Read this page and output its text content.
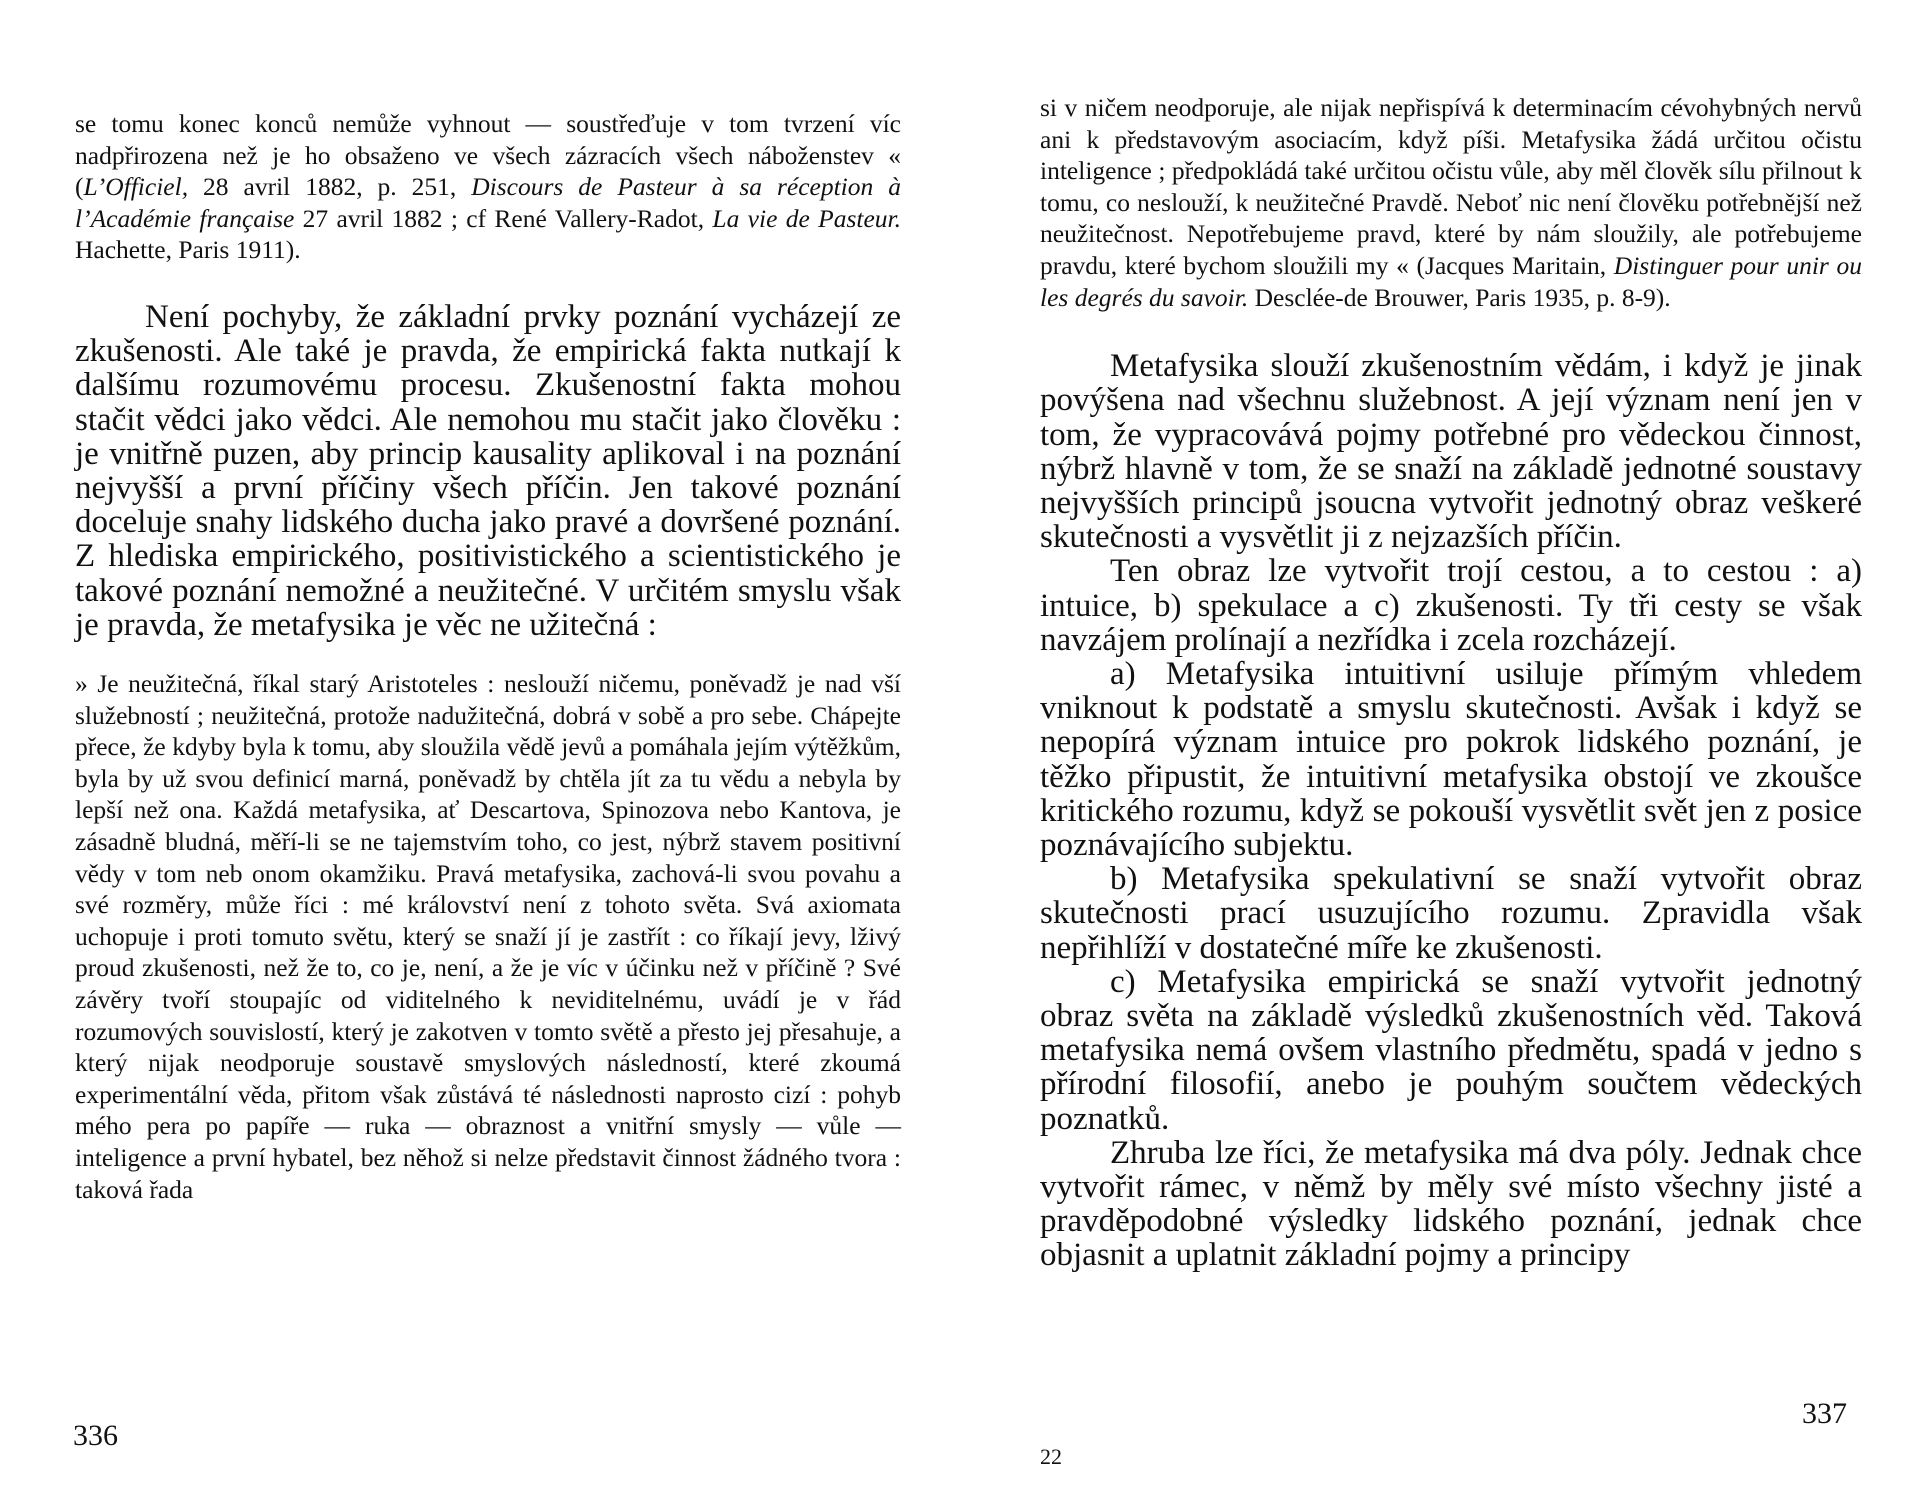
se tomu konec konců nemůže vyhnout — soustřeďuje v tom tvrzení víc nadpřirozena než je ho obsaženo ve všech zázracích všech náboženstev « (L’Officiel, 28 avril 1882, p. 251, Discours de Pasteur à sa réception à l’Académie française 27 avril 1882 ; cf René Vallery-Radot, La vie de Pasteur. Hachette, Paris 1911).

Není pochyby, že základní prvky poznání vycházejí ze zkušenosti. Ale také je pravda, že empirická fakta nutkají k dalšímu rozumovému procesu. Zkušenostní fakta mohou stačit vědci jako vědci. Ale nemohou mu stačit jako člověku : je vnitřně puzen, aby princip kausality aplikoval i na poznání nejvyšší a první příčiny všech příčin. Jen takové poznání doceluje snahy lidského ducha jako pravé a dovršené poznání. Z hlediska empirického, positivistického a scientistického je takové poznání nemožné a neužitečné. V určitém smyslu však je pravda, že metafysika je věc ne užitečná :

» Je neužitečná, říkal starý Aristoteles : neslouží ničemu, poněvadž je nad vší služebností ; neužitečná, protože nadužitečná, dobrá v sobě a pro sebe. Chápejte přece, že kdyby byla k tomu, aby sloužila vědě jevů a pomáhala jejím výtěžkům, byla by už svou definicí marná, poněvadž by chtěla jít za tu vědu a nebyla by lepší než ona. Každá metafysika, ať Descartova, Spinozova nebo Kantova, je zásadně bludná, měří-li se ne tajemstvím toho, co jest, nýbrž stavem positivní vědy v tom neb onom okamžiku. Pravá metafysika, zachová-li svou povahu a své rozměry, může říci : mé království není z tohoto světa. Svá axiomata uchopuje i proti tomuto světu, který se snaží jí je zastřít : co říkají jevy, lživý proud zkušenosti, než že to, co je, není, a že je víc v účinku než v příčině ? Své závěry tvoří stoupajíc od viditelného k neviditelnému, uvádí je v řád rozumových souvislostí, který je zakotven v tomto světě a přesto jej přesahuje, a který nijak neodporuje soustavě smyslových následností, které zkoumá experimentální věda, přitom však zůstává té následnosti naprosto cizí : pohyb mého pera po papíře — ruka — obraznost a vnitřní smysly — vůle — inteligence a první hybatel, bez něhož si nelze představit činnost žádného tvora : taková řada

336

si v ničem neodporuje, ale nijak nepřispívá k determinacím cévohybných nervů ani k představovým asociacím, když píši. Metafysika žádá určitou očistu inteligence ; předpokládá také určitou očistu vůle, aby měl člověk sílu přilnout k tomu, co neslouží, k neužitečné Pravdě. Neboť nic není člověku potřebnější než neužitečnost. Nepotřebujeme pravd, které by nám sloužily, ale potřebujeme pravdu, které bychom sloužili my « (Jacques Maritain, Distinguer pour unir ou les degrés du savoir. Desclée-de Brouwer, Paris 1935, p. 8-9).

Metafysika slouží zkušenostním vědám, i když je jinak povýšena nad všechnu služebnost. A její význam není jen v tom, že vypracovává pojmy potřebné pro vědeckou činnost, nýbrž hlavně v tom, že se snaží na základě jednotné soustavy nejvyšších principů jsoucna vytvořit jednotný obraz veškeré skutečnosti a vysvětlit ji z nejzazších příčin.

Ten obraz lze vytvořit trojí cestou, a to cestou : a) intuice, b) spekulace a c) zkušenosti. Ty tři cesty se však navzájem prolínají a nezřídka i zcela rozcházejí.

a) Metafysika intuitivní usiluje přímým vhledem vniknout k podstatě a smyslu skutečnosti. Avšak i když se nepopírá význam intuice pro pokrok lidského poznání, je těžko připustit, že intuitivní metafysika obstojí ve zkoušce kritického rozumu, když se pokouší vysvětlit svět jen z posice poznávajícího subjektu.

b) Metafysika spekulativní se snaží vytvořit obraz skutečnosti prací usuzujícího rozumu. Zpravidla však nepřihlíží v dostatečné míře ke zkušenosti.

c) Metafysika empirická se snaží vytvořit jednotný obraz světa na základě výsledků zkušenostních věd. Taková metafysika nemá ovšem vlastního předmětu, spadá v jedno s přírodní filosofií, anebo je pouhým součtem vědeckých poznatků.

Zhruba lze říci, že metafysika má dva póly. Jednak chce vytvořit rámec, v němž by měly své místo všechny jisté a pravděpodobné výsledky lidského poznání, jednak chce objasnit a uplatnit základní pojmy a principy

337
22
